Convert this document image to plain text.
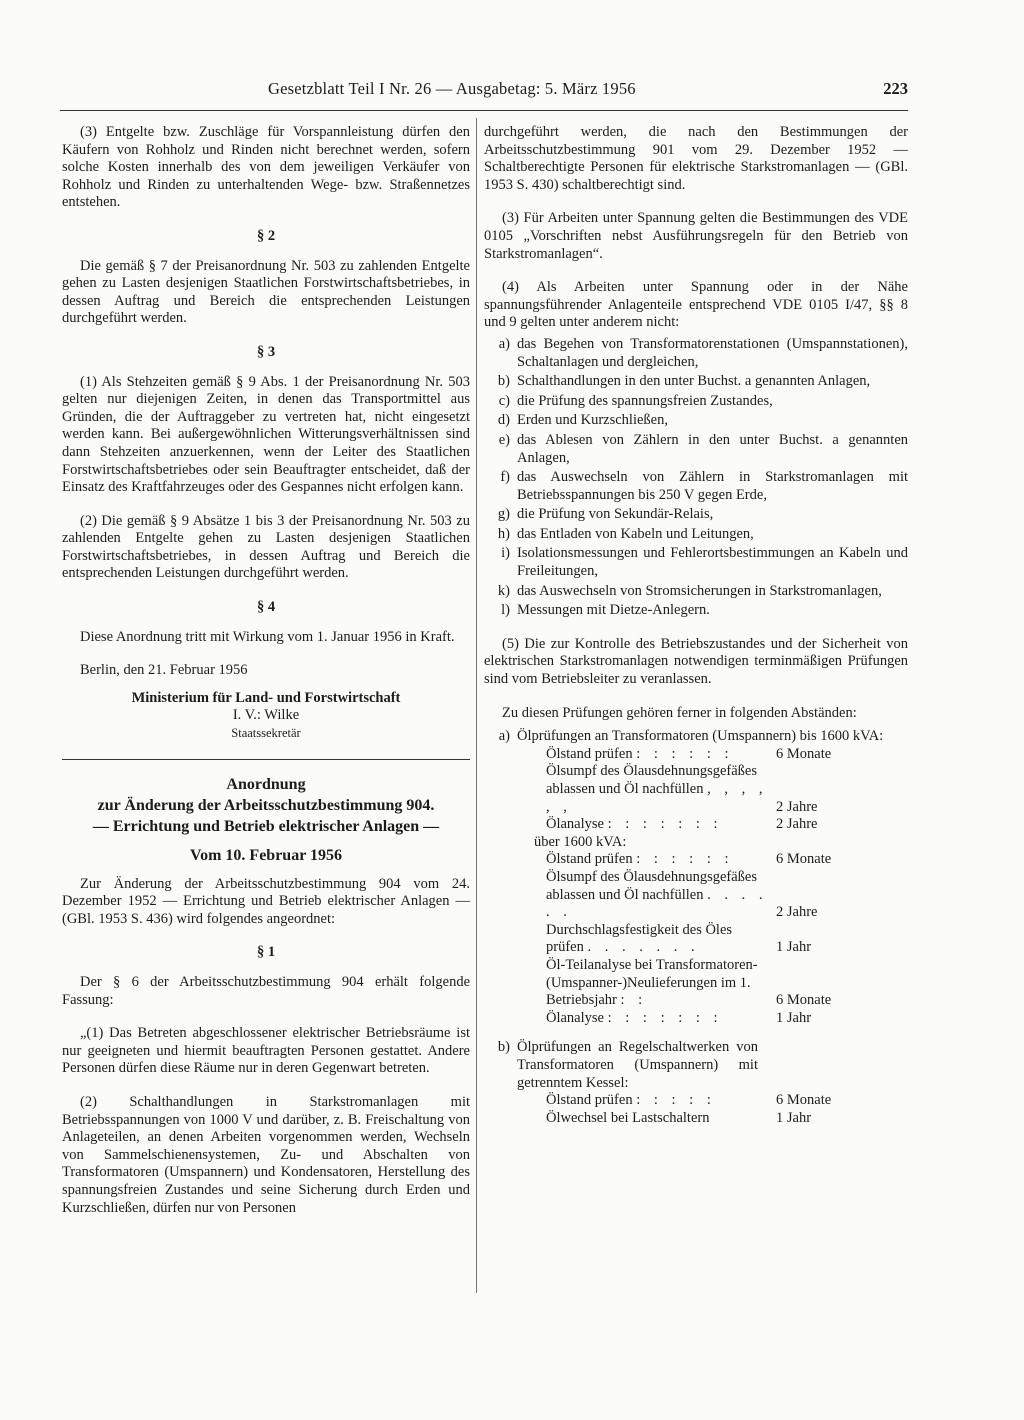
Gesetzblatt Teil I Nr. 26 — Ausgabetag: 5. März 1956	223

(3) Entgelte bzw. Zuschläge für Vorspannleistung dürfen den Käufern von Rohholz und Rinden nicht berechnet werden, sofern solche Kosten innerhalb des von dem jeweiligen Verkäufer von Rohholz und Rinden zu unterhaltenden Wege- bzw. Straßennetzes entstehen.

§ 2

Die gemäß § 7 der Preisanordnung Nr. 503 zu zahlenden Entgelte gehen zu Lasten desjenigen Staatlichen Forstwirtschaftsbetriebes, in dessen Auftrag und Bereich die entsprechenden Leistungen durchgeführt werden.

§ 3

(1) Als Stehzeiten gemäß § 9 Abs. 1 der Preisanordnung Nr. 503 gelten nur diejenigen Zeiten, in denen das Transportmittel aus Gründen, die der Auftraggeber zu vertreten hat, nicht eingesetzt werden kann. Bei außergewöhnlichen Witterungsverhältnissen sind dann Stehzeiten anzuerkennen, wenn der Leiter des Staatlichen Forstwirtschaftsbetriebes oder sein Beauftragter entscheidet, daß der Einsatz des Kraftfahrzeuges oder des Gespannes nicht erfolgen kann.

(2) Die gemäß § 9 Absätze 1 bis 3 der Preisanordnung Nr. 503 zu zahlenden Entgelte gehen zu Lasten desjenigen Staatlichen Forstwirtschaftsbetriebes, in dessen Auftrag und Bereich die entsprechenden Leistungen durchgeführt werden.

§ 4

Diese Anordnung tritt mit Wirkung vom 1. Januar 1956 in Kraft.

Berlin, den 21. Februar 1956

Ministerium für Land- und Forstwirtschaft

I. V.: Wilke

Staatssekretär

Anordnung

zur Änderung der Arbeitsschutzbestimmung 904.

— Errichtung und Betrieb elektrischer Anlagen —

Vom 10. Februar 1956

Zur Änderung der Arbeitsschutzbestimmung 904 vom 24. Dezember 1952 — Errichtung und Betrieb elektrischer Anlagen — (GBl. 1953 S. 436) wird folgendes angeordnet:

§ 1

Der § 6 der Arbeitsschutzbestimmung 904 erhält folgende Fassung:

„(1) Das Betreten abgeschlossener elektrischer Betriebsräume ist nur geeigneten und hiermit beauftragten Personen gestattet. Andere Personen dürfen diese Räume nur in deren Gegenwart betreten.

(2) Schalthandlungen in Starkstromanlagen mit Betriebsspannungen von 1000 V und darüber, z. B. Freischaltung von Anlageteilen, an denen Arbeiten vorgenommen werden, Wechseln von Sammelschienensystemen, Zu- und Abschalten von Transformatoren (Umspannern) und Kondensatoren, Herstellung des spannungsfreien Zustandes und seine Sicherung durch Erden und Kurzschließen, dürfen nur von Personen

durchgeführt werden, die nach den Bestimmungen der Arbeitsschutzbestimmung 901 vom 29. Dezember 1952 — Schaltberechtigte Personen für elektrische Starkstromanlagen — (GBl. 1953 S. 430) schaltberechtigt sind.

(3) Für Arbeiten unter Spannung gelten die Bestimmungen des VDE 0105 „Vorschriften nebst Ausführungsregeln für den Betrieb von Starkstromanlagen“.

(4) Als Arbeiten unter Spannung oder in der Nähe spannungsführender Anlagenteile entsprechend VDE 0105 I/47, §§ 8 und 9 gelten unter anderem nicht:

a) das Begehen von Transformatorenstationen (Umspannstationen), Schaltanlagen und dergleichen,
b) Schalthandlungen in den unter Buchst. a genannten Anlagen,
c) die Prüfung des spannungsfreien Zustandes,
d) Erden und Kurzschließen,
e) das Ablesen von Zählern in den unter Buchst. a genannten Anlagen,
f) das Auswechseln von Zählern in Starkstromanlagen mit Betriebsspannungen bis 250 V gegen Erde,
g) die Prüfung von Sekundär-Relais,
h) das Entladen von Kabeln und Leitungen,
i) Isolationsmessungen und Fehlerortsbestimmungen an Kabeln und Freileitungen,
k) das Auswechseln von Stromsicherungen in Starkstromanlagen,
l) Messungen mit Dietze-Anlegern.

(5) Die zur Kontrolle des Betriebszustandes und der Sicherheit von elektrischen Starkstromanlagen notwendigen terminmäßigen Prüfungen sind vom Betriebsleiter zu veranlassen.

Zu diesen Prüfungen gehören ferner in folgenden Abständen:

a) Ölprüfungen an Transformatoren (Umspannern) bis 1600 kVA:
Ölstand prüfen : : : : : :	6 Monate
Ölsumpf des Ölausdehnungsgefäßes ablassen und Öl nachfüllen , , , , , ,	2 Jahre
Ölanalyse : : : : : : :	2 Jahre
über 1600 kVA:
Ölstand prüfen : : : : : :	6 Monate
Ölsumpf des Ölausdehnungsgefäßes ablassen und Öl nachfüllen . . . . . .	2 Jahre
Durchschlagsfestigkeit des Öles prüfen . . . . . . .	1 Jahr
Öl-Teilanalyse bei Transformatoren-(Umspanner-)Neulieferungen im 1. Betriebsjahr : :	6 Monate
Ölanalyse : : : : : : :	1 Jahr
b) Ölprüfungen an Regelschaltwerken von Transformatoren (Umspannern) mit getrenntem Kessel:
Ölstand prüfen : : : : :	6 Monate
Ölwechsel bei Lastschaltern	1 Jahr
